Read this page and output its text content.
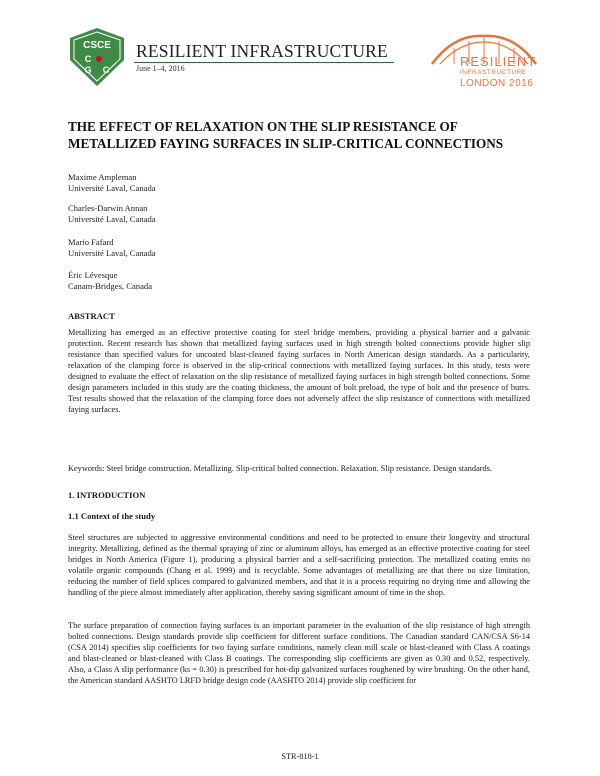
CSCE
C
G C
RESILIENT INFRASTRUCTURE
June 1–4, 2016	RESILIENT
INFRASTRUCTURE
LONDON 2016
THE EFFECT OF RELAXATION ON THE SLIP RESISTANCE OF
METALLIZED FAYING SURFACES IN SLIP-CRITICAL CONNECTIONS
Maxime Ampleman
Université Laval, Canada
Charles-Darwin Annan
Université Laval, Canada
Mario Fafard
Université Laval, Canada
Éric Lévesque
Canam-Bridges, Canada
ABSTRACT
Metallizing has emerged as an effective protective coating for steel bridge members, providing a physical barrier and a galvanic protection. Recent research has shown that metallized faying surfaces used in high strength bolted connections provide higher slip resistance than specified values for uncoated blast-cleaned faying surfaces in North American design standards. As a particularity, relaxation of the clamping force is observed in the slip-critical connections with metallized faying surfaces. In this study, tests were designed to evaluate the effect of relaxation on the slip resistance of metallized faying surfaces in high strength bolted connections. Some design parameters included in this study are the coating thickness, the amount of bolt preload, the type of bolt and the presence of burrs. Test results showed that the relaxation of the clamping force does not adversely affect the slip resistance of connections with metallized faying surfaces.
Keywords: Steel bridge construction. Metallizing. Slip-critical bolted connection. Relaxation. Slip resistance. Design standards.
1. INTRODUCTION
1.1 Context of the study
Steel structures are subjected to aggressive environmental conditions and need to be protected to ensure their longevity and structural integrity. Metallizing, defined as the thermal spraying of zinc or aluminum alloys, has emerged as an effective protective coating for steel bridges in North America (Figure 1), producing a physical barrier and a self-sacrificing protection. The metallized coating emits no volatile organic compounds (Chang et al. 1999) and is recyclable. Some advantages of metallizing are that there no size limitation, reducing the number of field splices compared to galvanized members, and that it is a process requiring no drying time and allowing the handling of the piece almost immediately after application, thereby saving significant amount of time in the shop.
The surface preparation of connection faying surfaces is an important parameter in the evaluation of the slip resistance of high strength bolted connections. Design standards provide slip coefficient for different surface conditions. The Canadian standard CAN/CSA S6-14 (CSA 2014) specifies slip coefficients for two faying surface conditions, namely clean mill scale or blast-cleaned with Class A coatings and blast-cleaned or blast-cleaned with Class B coatings. The corresponding slip coefficients are given as 0.30 and 0.52, respectively. Also, a Class A slip performance (ks = 0.30) is prescribed for hot-dip galvanized surfaces roughened by wire brushing. On the other hand, the American standard AASHTO LRFD bridge design code (AASHTO 2014) provide slip coefficient for
STR-818-1
